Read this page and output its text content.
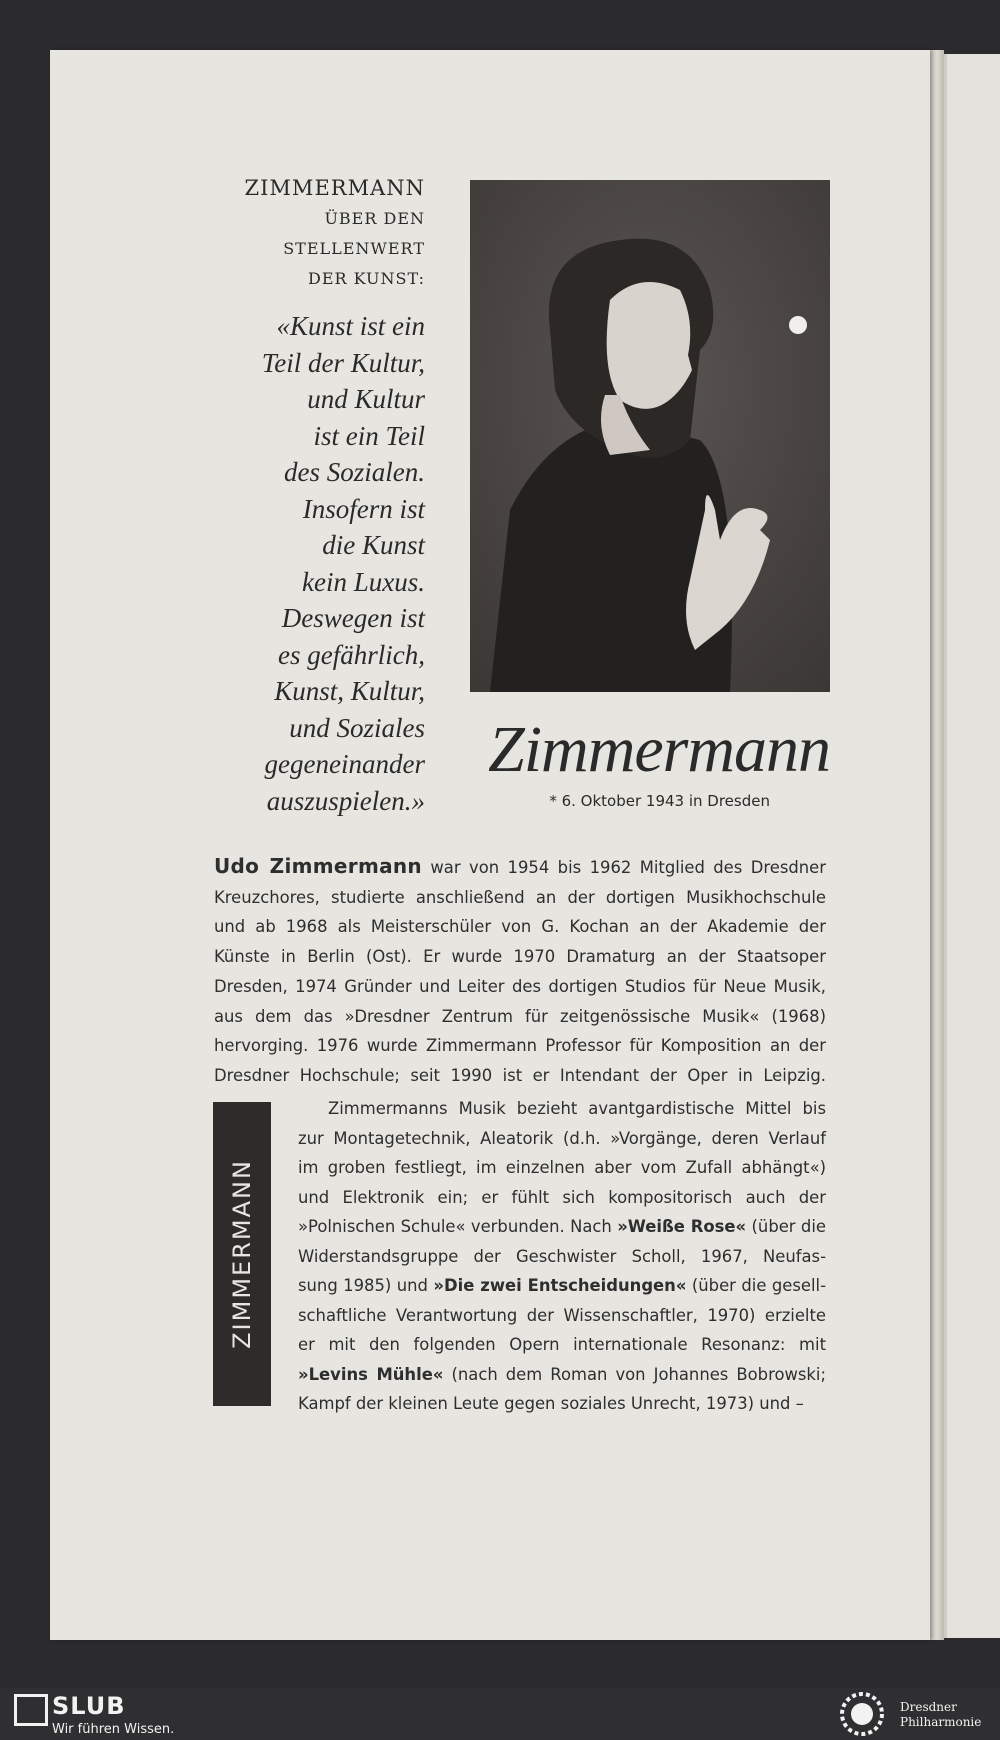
ZIMMERMANN
ÜBER DEN
STELLENWERT
DER KUNST:
«Kunst ist ein
Teil der Kultur,
und Kultur
ist ein Teil
des Sozialen.
Insofern ist
die Kunst
kein Luxus.
Deswegen ist
es gefährlich,
Kunst, Kultur,
und Soziales
gegeneinander
auszuspielen.»
Zimmermann
* 6. Oktober 1943 in Dresden
Udo Zimmermann war von 1954 bis 1962 Mitglied des Dresdner
Kreuzchores, studierte anschließend an der dortigen Musikhochschule
und ab 1968 als Meisterschüler von G. Kochan an der Akademie der
Künste in Berlin (Ost). Er wurde 1970 Dramaturg an der Staatsoper
Dresden, 1974 Gründer und Leiter des dortigen Studios für Neue Musik,
aus dem das »Dresdner Zentrum für zeitgenössische Musik« (1968)
hervorging. 1976 wurde Zimmermann Professor für Komposition an der
Dresdner Hochschule; seit 1990 ist er Intendant der Oper in Leipzig.
ZIMMERMANN
Zimmermanns Musik bezieht avantgardistische Mittel bis
zur Montagetechnik, Aleatorik (d.h. »Vorgänge, deren Verlauf
im groben festliegt, im einzelnen aber vom Zufall abhängt«)
und Elektronik ein; er fühlt sich kompositorisch auch der
»Polnischen Schule« verbunden. Nach »Weiße Rose« (über die
Widerstandsgruppe der Geschwister Scholl, 1967, Neufas-
sung 1985) und »Die zwei Entscheidungen« (über die gesell-
schaftliche Verantwortung der Wissenschaftler, 1970) erzielte
er mit den folgenden Opern internationale Resonanz: mit
»Levins Mühle« (nach dem Roman von Johannes Bobrowski;
Kampf der kleinen Leute gegen soziales Unrecht, 1973) und –
SLUB
Wir führen Wissen.
Dresdner
Philharmonie
